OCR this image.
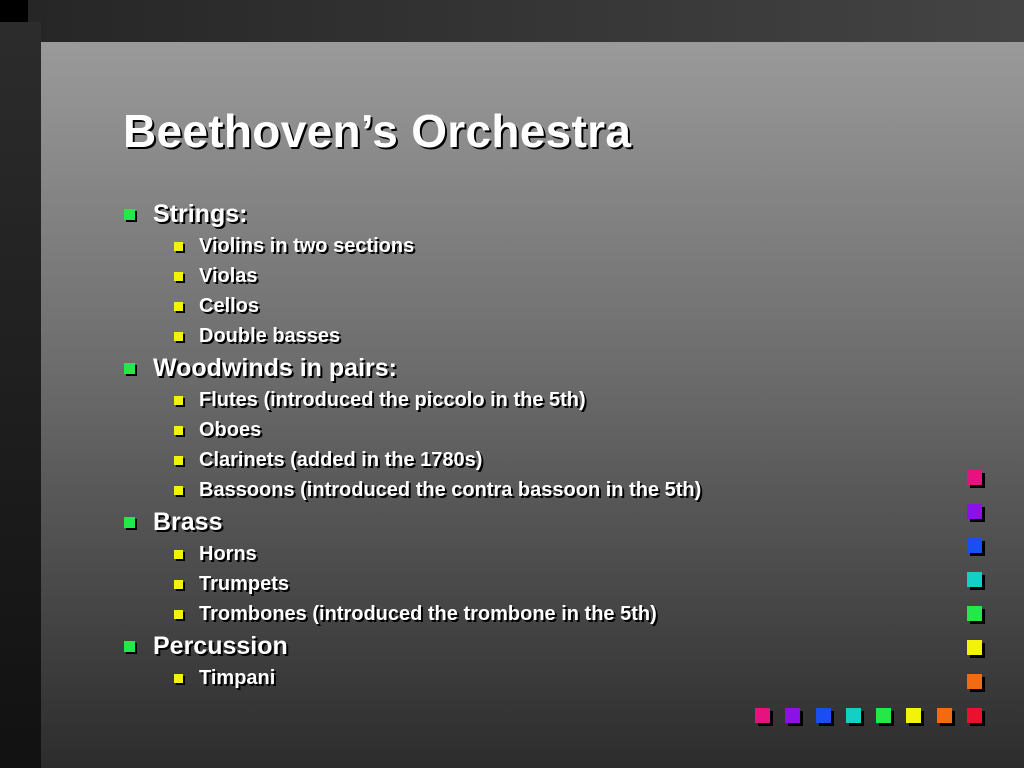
Beethoven’s Orchestra
Strings:
Violins in two sections
Violas
Cellos
Double basses
Woodwinds in pairs:
Flutes (introduced the piccolo in the 5th)
Oboes
Clarinets (added in the 1780s)
Bassoons (introduced the contra bassoon in the 5th)
Brass
Horns
Trumpets
Trombones (introduced the trombone in the 5th)
Percussion
Timpani
